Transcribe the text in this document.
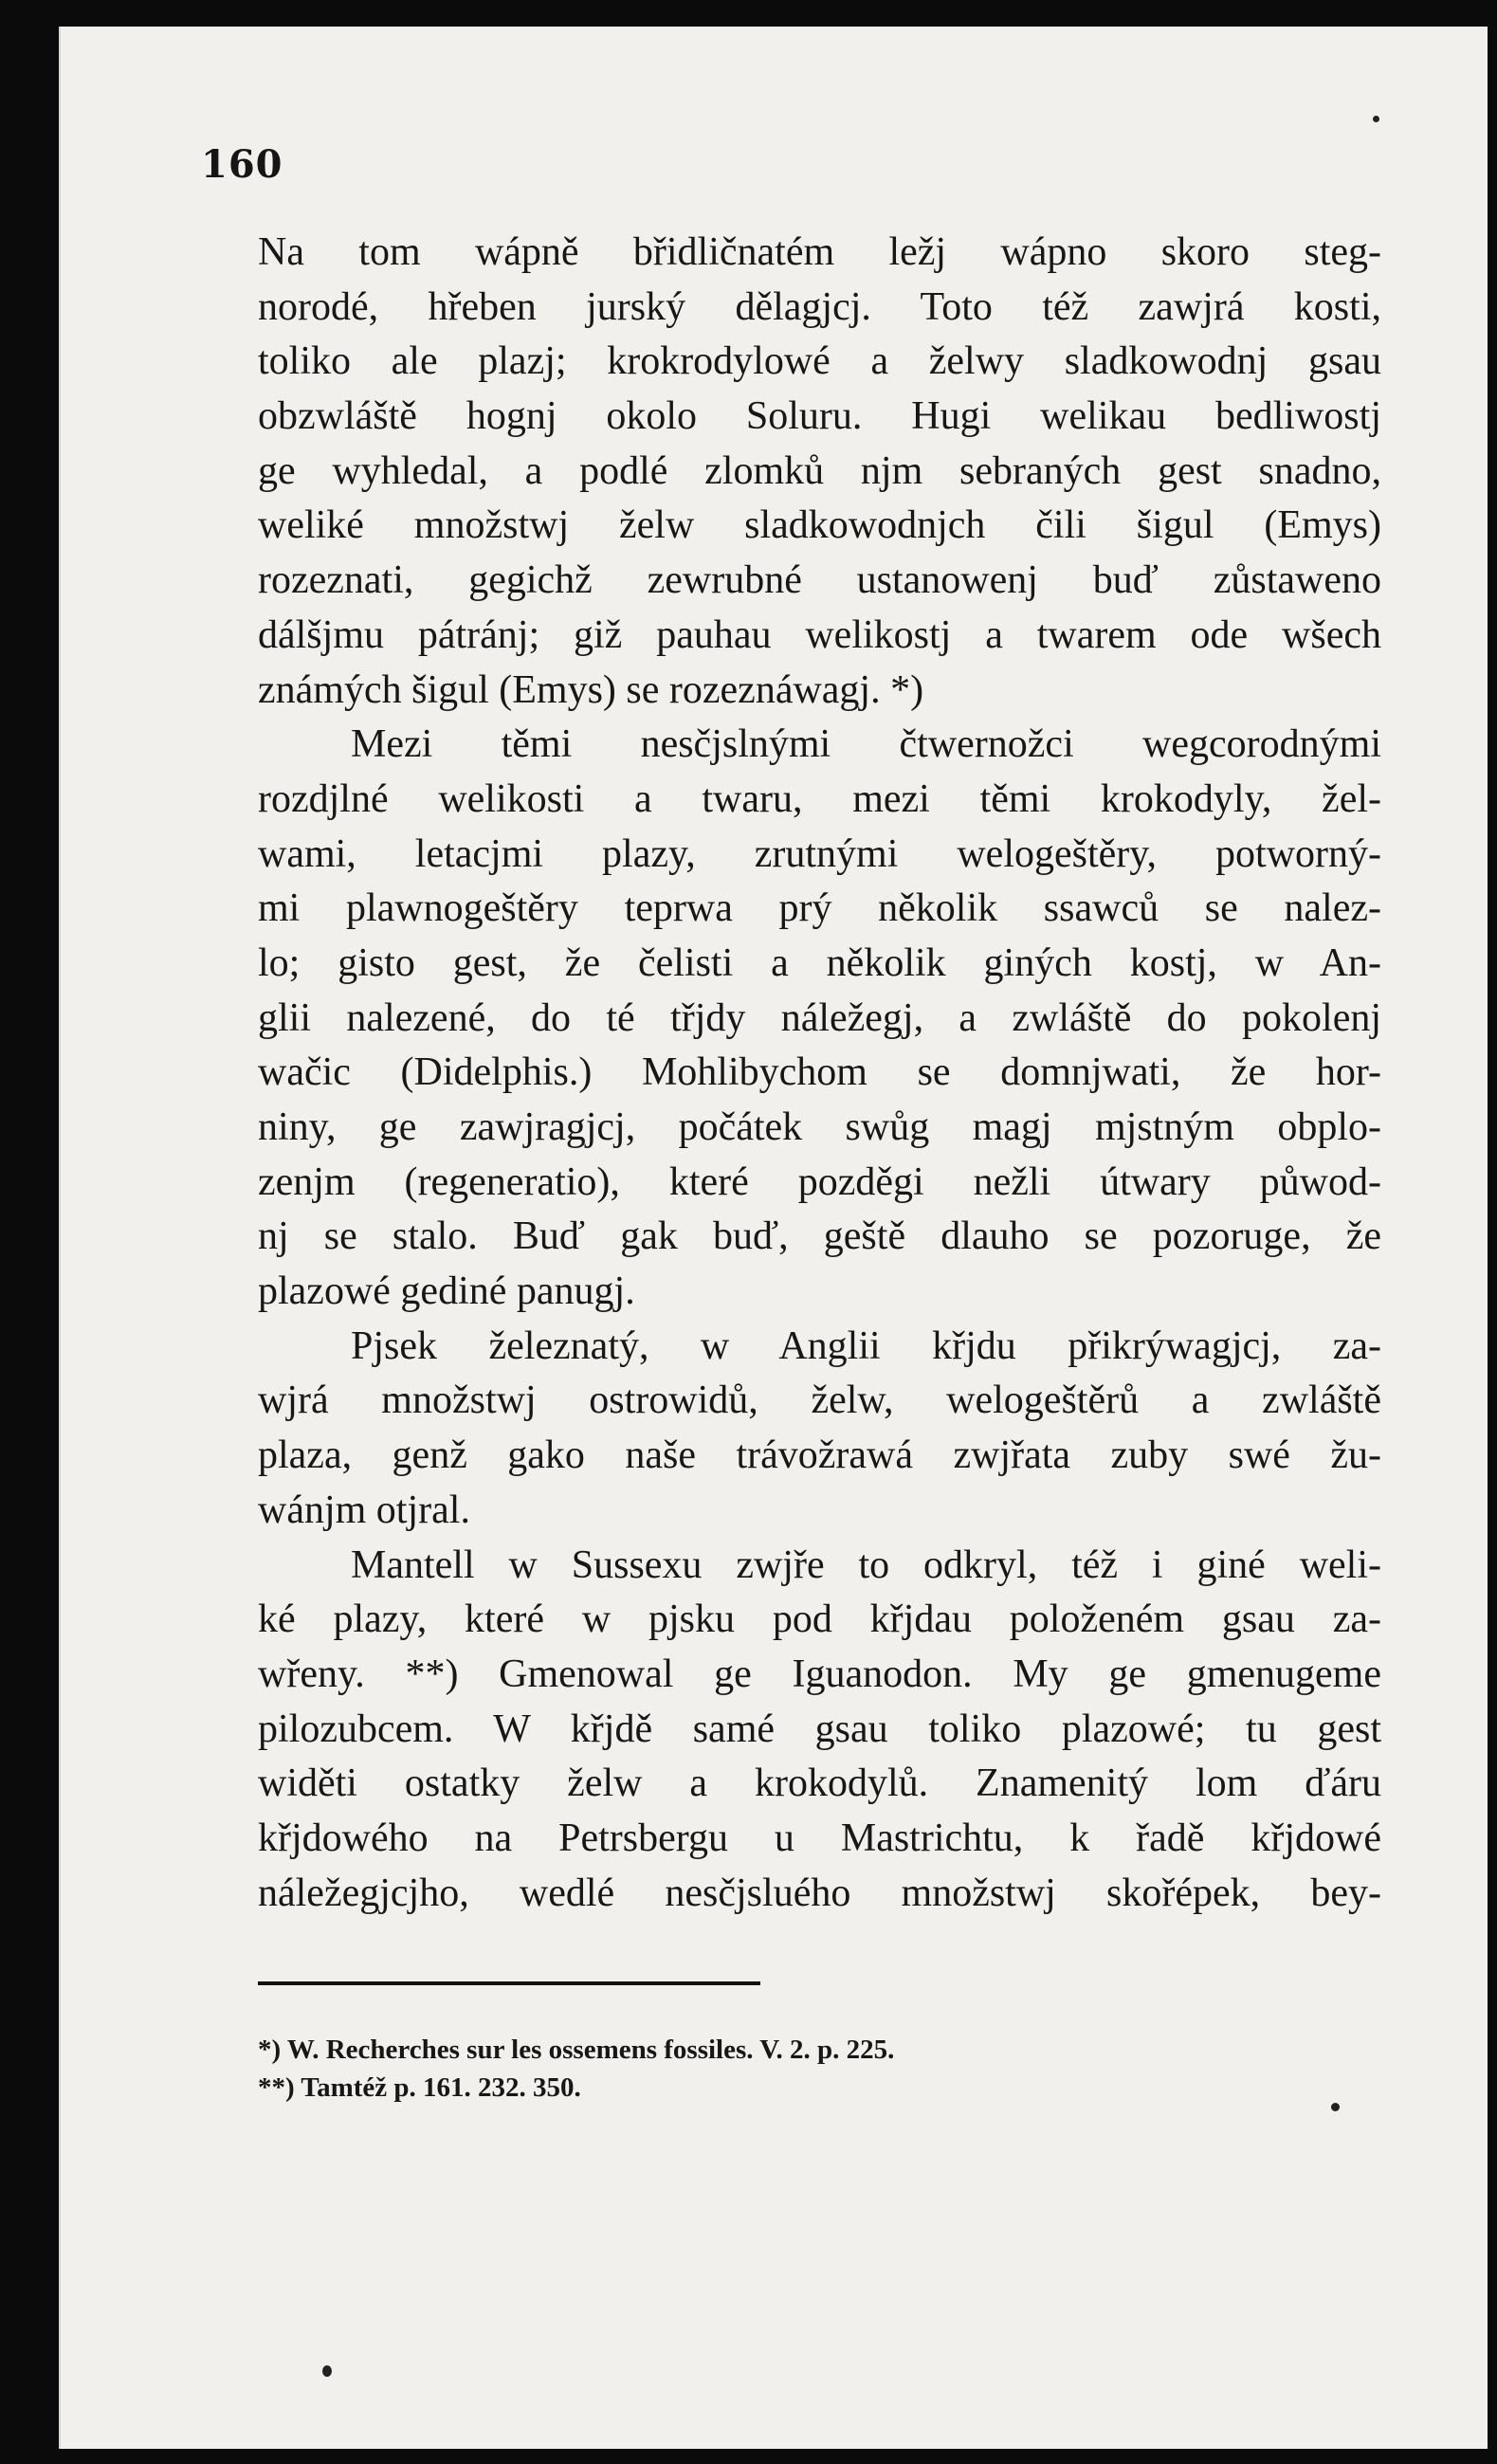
160
Na tom wápně břidličnatém ležj wápno skoro steg-
norodé, hřeben jurský dělagjcj. Toto též zawjrá kosti,
toliko ale plazj; krokrodylowé a želwy sladkowodnj gsau
obzwláště hognj okolo Soluru. Hugi welikau bedliwostj
ge wyhledal, a podlé zlomků njm sebraných gest snadno,
weliké množstwj želw sladkowodnjch čili šigul (Emys)
rozeznati, gegichž zewrubné ustanowenj buď zůstaweno
dálšjmu pátránj; giž pauhau welikostj a twarem ode wšech
známých šigul (Emys) se rozeznáwagj. *)
Mezi těmi nesčjslnými čtwernožci wegcorodnými
rozdjlné welikosti a twaru, mezi těmi krokodyly, žel-
wami, letacjmi plazy, zrutnými welogeštěry, potworný-
mi plawnogeštěry teprwa prý několik ssawců se nalez-
lo; gisto gest, že čelisti a několik giných kostj, w An-
glii nalezené, do té třjdy náležegj, a zwláště do pokolenj
wačic (Didelphis.) Mohlibychom se domnjwati, že hor-
niny, ge zawjragjcj, počátek swůg magj mjstným obplo-
zenjm (regeneratio), které pozděgi nežli útwary půwod-
nj se stalo. Buď gak buď, geště dlauho se pozoruge, že
plazowé gediné panugj.
Pjsek železnatý, w Anglii křjdu přikrýwagjcj, za-
wjrá množstwj ostrowidů, želw, welogeštěrů a zwláště
plaza, genž gako naše trávožrawá zwjřata zuby swé žu-
wánjm otjral.
Mantell w Sussexu zwjře to odkryl, též i giné weli-
ké plazy, které w pjsku pod křjdau položeném gsau za-
wřeny. **) Gmenowal ge Iguanodon. My ge gmenugeme
pilozubcem. W křjdě samé gsau toliko plazowé; tu gest
widěti ostatky želw a krokodylů. Znamenitý lom ďáru
křjdowého na Petrsbergu u Mastrichtu, k řadě křjdowé
náležegjcjho, wedlé nesčjsluého množstwj skořépek, bey-
*) W. Recherches sur les ossemens fossiles. V. 2. p. 225.
**) Tamtéž p. 161. 232. 350.
